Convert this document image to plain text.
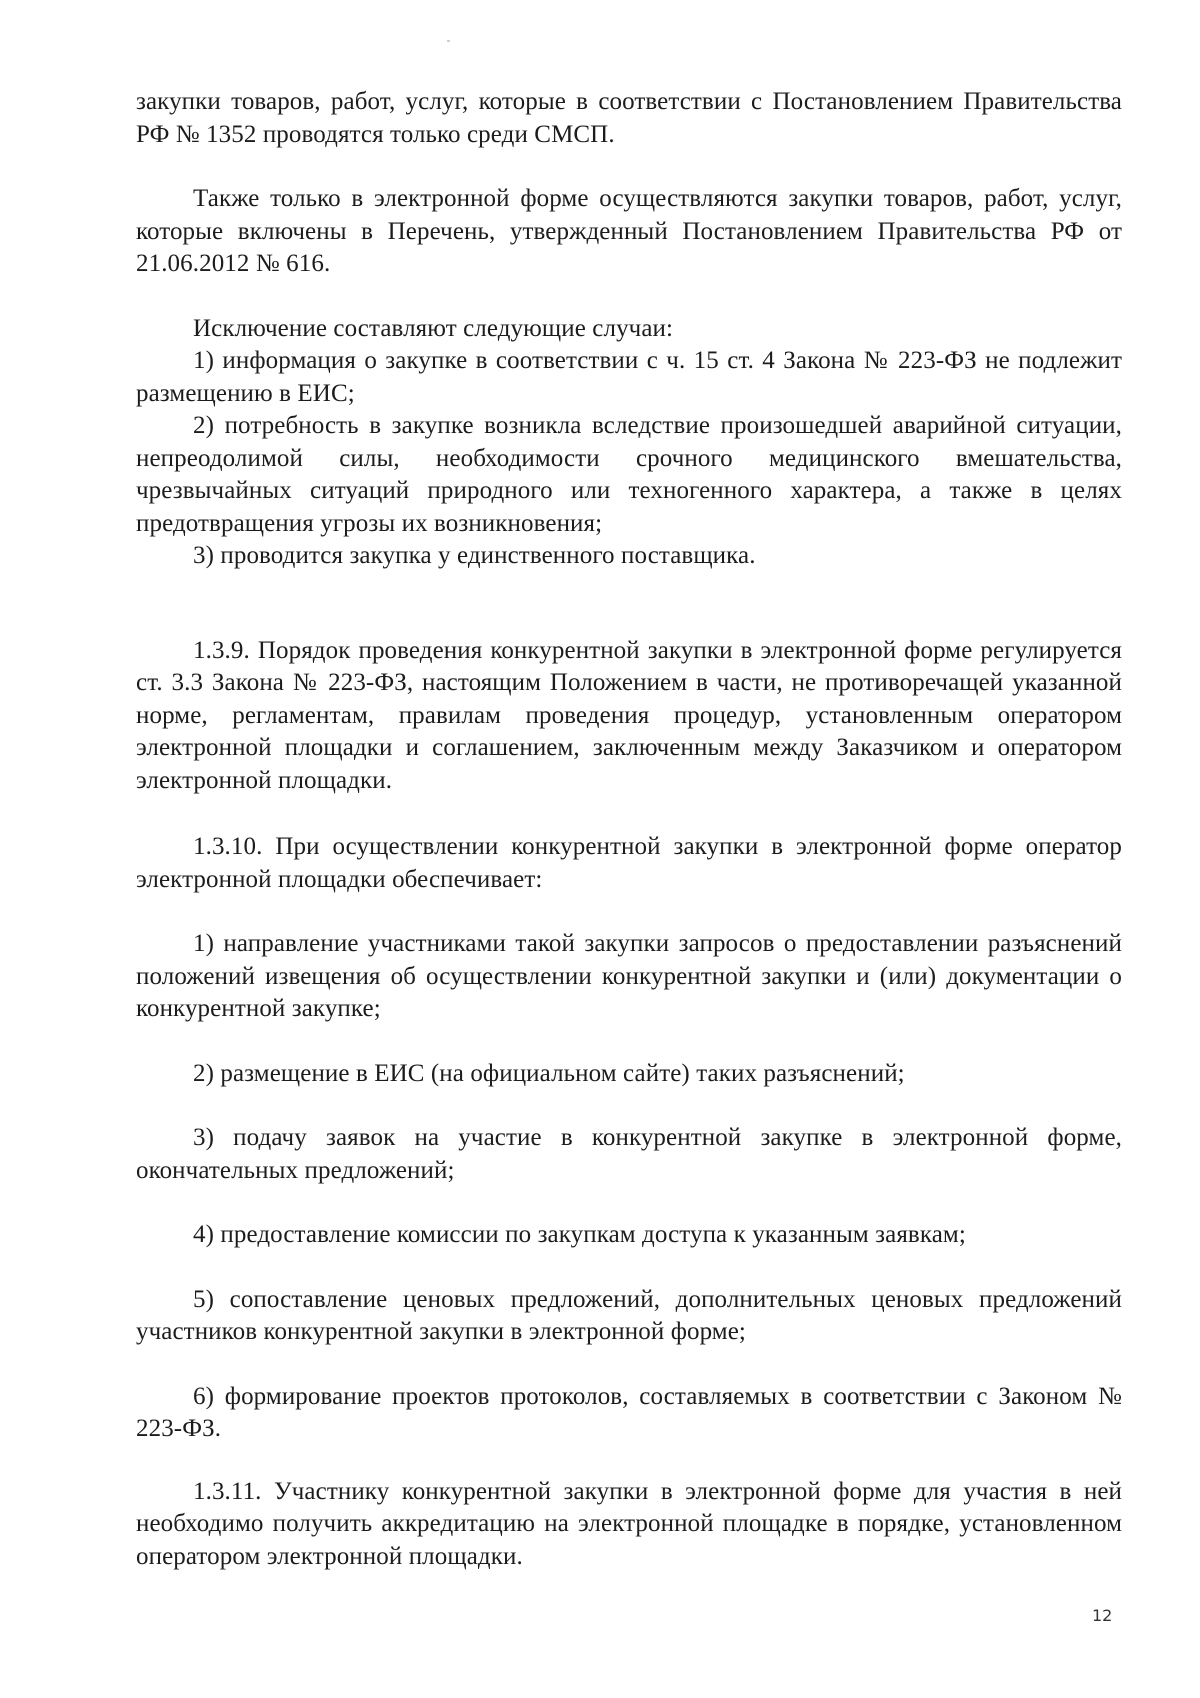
закупки товаров, работ, услуг, которые в соответствии с Постановлением Правительства РФ № 1352 проводятся только среди СМСП.

Также только в электронной форме осуществляются закупки товаров, работ, услуг, которые включены в Перечень, утвержденный Постановлением Правительства РФ от 21.06.2012 № 616.

Исключение составляют следующие случаи:

1) информация о закупке в соответствии с ч. 15 ст. 4 Закона № 223-ФЗ не подлежит размещению в ЕИС;

2) потребность в закупке возникла вследствие произошедшей аварийной ситуации, непреодолимой силы, необходимости срочного медицинского вмешательства, чрезвычайных ситуаций природного или техногенного характера, а также в целях предотвращения угрозы их возникновения;

3) проводится закупка у единственного поставщика.

1.3.9. Порядок проведения конкурентной закупки в электронной форме регулируется ст. 3.3 Закона № 223-ФЗ, настоящим Положением в части, не противоречащей указанной норме, регламентам, правилам проведения процедур, установленным оператором электронной площадки и соглашением, заключенным между Заказчиком и оператором электронной площадки.

1.3.10. При осуществлении конкурентной закупки в электронной форме оператор электронной площадки обеспечивает:

1) направление участниками такой закупки запросов о предоставлении разъяснений положений извещения об осуществлении конкурентной закупки и (или) документации о конкурентной закупке;

2) размещение в ЕИС (на официальном сайте) таких разъяснений;

3) подачу заявок на участие в конкурентной закупке в электронной форме, окончательных предложений;

4) предоставление комиссии по закупкам доступа к указанным заявкам;

5) сопоставление ценовых предложений, дополнительных ценовых предложений участников конкурентной закупки в электронной форме;

6) формирование проектов протоколов, составляемых в соответствии с Законом № 223-ФЗ.

1.3.11. Участнику конкурентной закупки в электронной форме для участия в ней необходимо получить аккредитацию на электронной площадке в порядке, установленном оператором электронной площадки.

12
